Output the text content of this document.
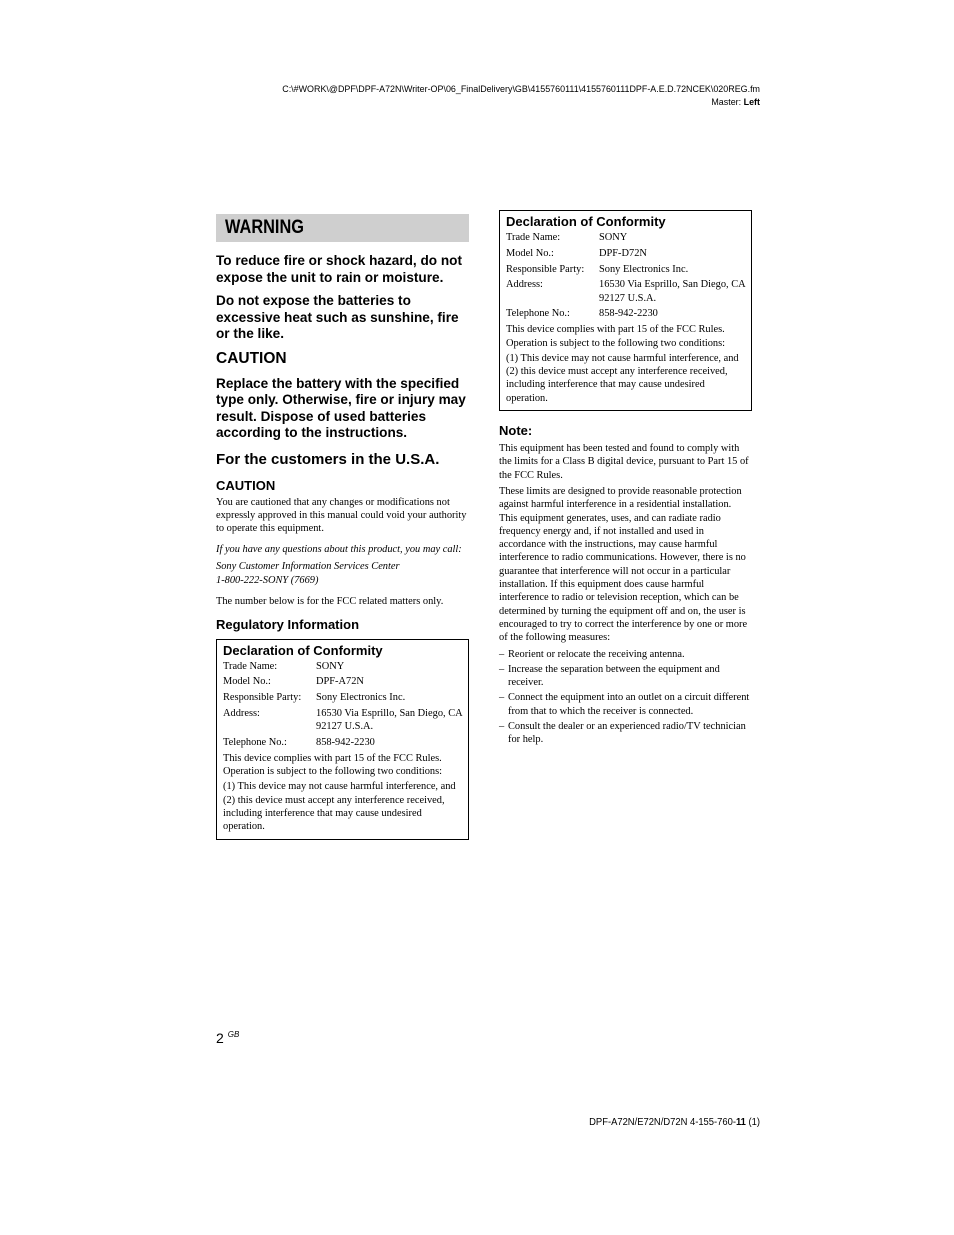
C:\#WORK\@DPF\DPF-A72N\Writer-OP\06_FinalDelivery\GB\4155760111\4155760111DPF-A.E.D.72NCEK\020REG.fm
Master: Left
WARNING
To reduce fire or shock hazard, do not expose the unit to rain or moisture.
Do not expose the batteries to excessive heat such as sunshine, fire or the like.
CAUTION
Replace the battery with the specified type only. Otherwise, fire or injury may result. Dispose of used batteries according to the instructions.
For the customers in the U.S.A.
CAUTION
You are cautioned that any changes or modifications not expressly approved in this manual could void your authority to operate this equipment.
If you have any questions about this product, you may call:
Sony Customer Information Services Center
1-800-222-SONY (7669)
The number below is for the FCC related matters only.
Regulatory Information
Declaration of Conformity
Trade Name:	SONY
Model No.:	DPF-A72N
Responsible Party:	Sony Electronics Inc.
Address:	16530 Via Esprillo, San Diego, CA 92127 U.S.A.
Telephone No.:	858-942-2230

This device complies with part 15 of the FCC Rules. Operation is subject to the following two conditions:

(1) This device may not cause harmful interference, and (2) this device must accept any interference received, including interference that may cause undesired operation.

Declaration of Conformity
Trade Name:	SONY
Model No.:	DPF-D72N
Responsible Party:	Sony Electronics Inc.
Address:	16530 Via Esprillo, San Diego, CA 92127 U.S.A.
Telephone No.:	858-942-2230

This device complies with part 15 of the FCC Rules. Operation is subject to the following two conditions:

(1) This device may not cause harmful interference, and (2) this device must accept any interference received, including interference that may cause undesired operation.

Note:
This equipment has been tested and found to comply with the limits for a Class B digital device, pursuant to Part 15 of the FCC Rules.
These limits are designed to provide reasonable protection against harmful interference in a residential installation. This equipment generates, uses, and can radiate radio frequency energy and, if not installed and used in accordance with the instructions, may cause harmful interference to radio communications. However, there is no guarantee that interference will not occur in a particular installation. If this equipment does cause harmful interference to radio or television reception, which can be determined by turning the equipment off and on, the user is encouraged to try to correct the interference by one or more of the following measures:
– Reorient or relocate the receiving antenna.
– Increase the separation between the equipment and receiver.
– Connect the equipment into an outlet on a circuit different from that to which the receiver is connected.
– Consult the dealer or an experienced radio/TV technician for help.
2 $^{GB}$
DPF-A72N/E72N/D72N 4-155-760-11 (1)
